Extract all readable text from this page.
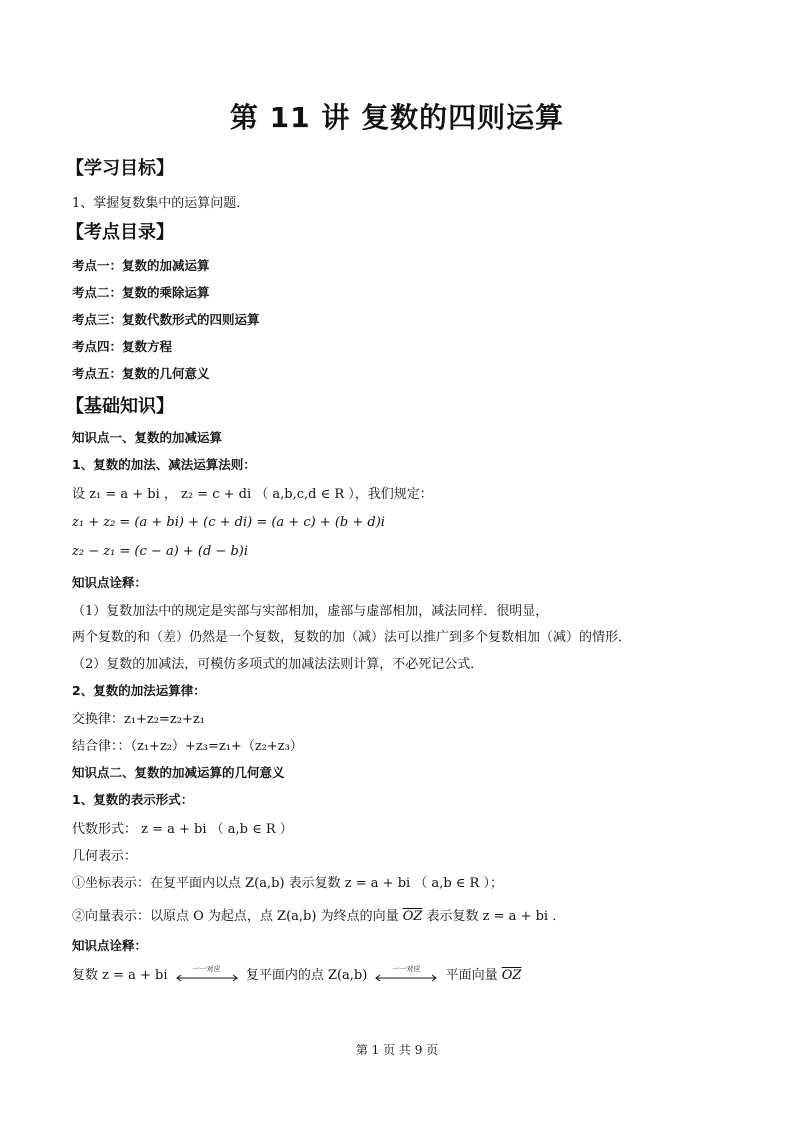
第 11 讲 复数的四则运算
【学习目标】
1、掌握复数集中的运算问题．
【考点目录】
考点一：复数的加减运算
考点二：复数的乘除运算
考点三：复数代数形式的四则运算
考点四：复数方程
考点五：复数的几何意义
【基础知识】
知识点一、复数的加减运算
1、复数的加法、减法运算法则：
设 z₁ = a + bi ， z₂ = c + di （ a,b,c,d ∈ R ），我们规定：
z₁ + z₂ = (a + bi) + (c + di) = (a + c) + (b + d)i
z₂ − z₁ = (c − a) + (d − b)i
知识点诠释：
（1）复数加法中的规定是实部与实部相加，虚部与虚部相加，减法同样．很明显，
两个复数的和（差）仍然是一个复数，复数的加（减）法可以推广到多个复数相加（减）的情形．
（2）复数的加减法，可模仿多项式的加减法法则计算，不必死记公式．
2、复数的加法运算律：
交换律：z₁+z₂=z₂+z₁
结合律：：（z₁+z₂）+z₃=z₁+（z₂+z₃）
知识点二、复数的加减运算的几何意义
1、复数的表示形式：
代数形式： z = a + bi （ a,b ∈ R ）
几何表示：
①坐标表示：在复平面内以点 Z(a,b) 表示复数 z = a + bi （ a,b ∈ R ）；
②向量表示：以原点 O 为起点，点 Z(a,b) 为终点的向量 $\overline{OZ}$ 表示复数 z = a + bi ．
知识点诠释：
复数 z = a + bi	一一对应	复平面内的点 Z(a,b)	一一对应	平面向量 $\overline{OZ}$
第 1 页 共 9 页
